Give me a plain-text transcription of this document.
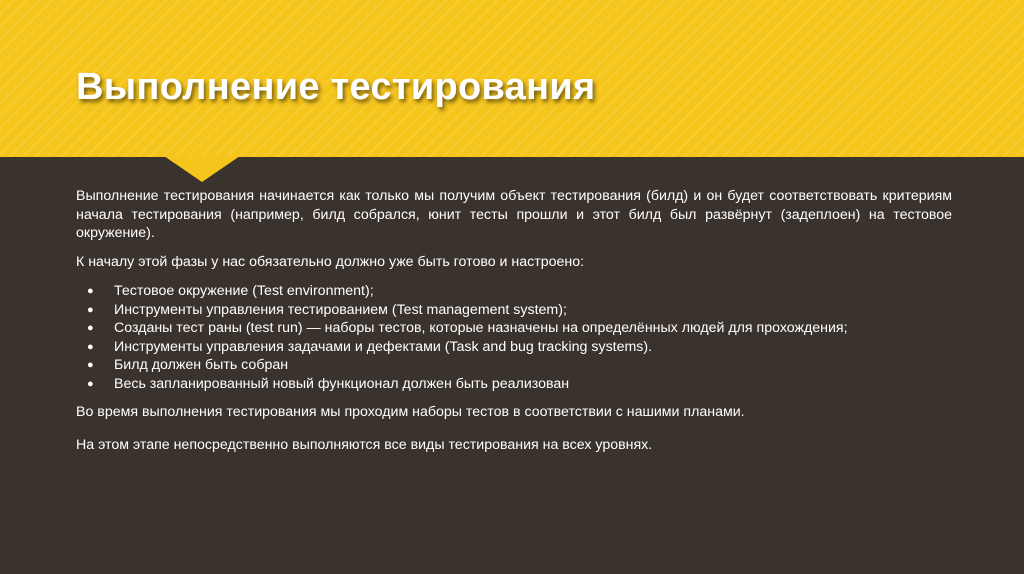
Выполнение тестирования

Выполнение тестирования начинается как только мы получим объект тестирования (билд) и он будет соответствовать критериям начала тестирования (например, билд собрался, юнит тесты прошли и этот билд был развёрнут (задеплоен) на тестовое окружение).

К началу этой фазы у нас обязательно должно уже быть готово и настроено:

● Тестовое окружение (Test environment);
● Инструменты управления тестированием (Test management system);
● Созданы тест раны (test run) — наборы тестов, которые назначены на определённых людей для прохождения;
● Инструменты управления задачами и дефектами (Task and bug tracking systems).
● Билд должен быть собран
● Весь запланированный новый функционал должен быть реализован

Во время выполнения тестирования мы проходим наборы тестов в соответствии с нашими планами.

На этом этапе непосредственно выполняются все виды тестирования на всех уровнях.
